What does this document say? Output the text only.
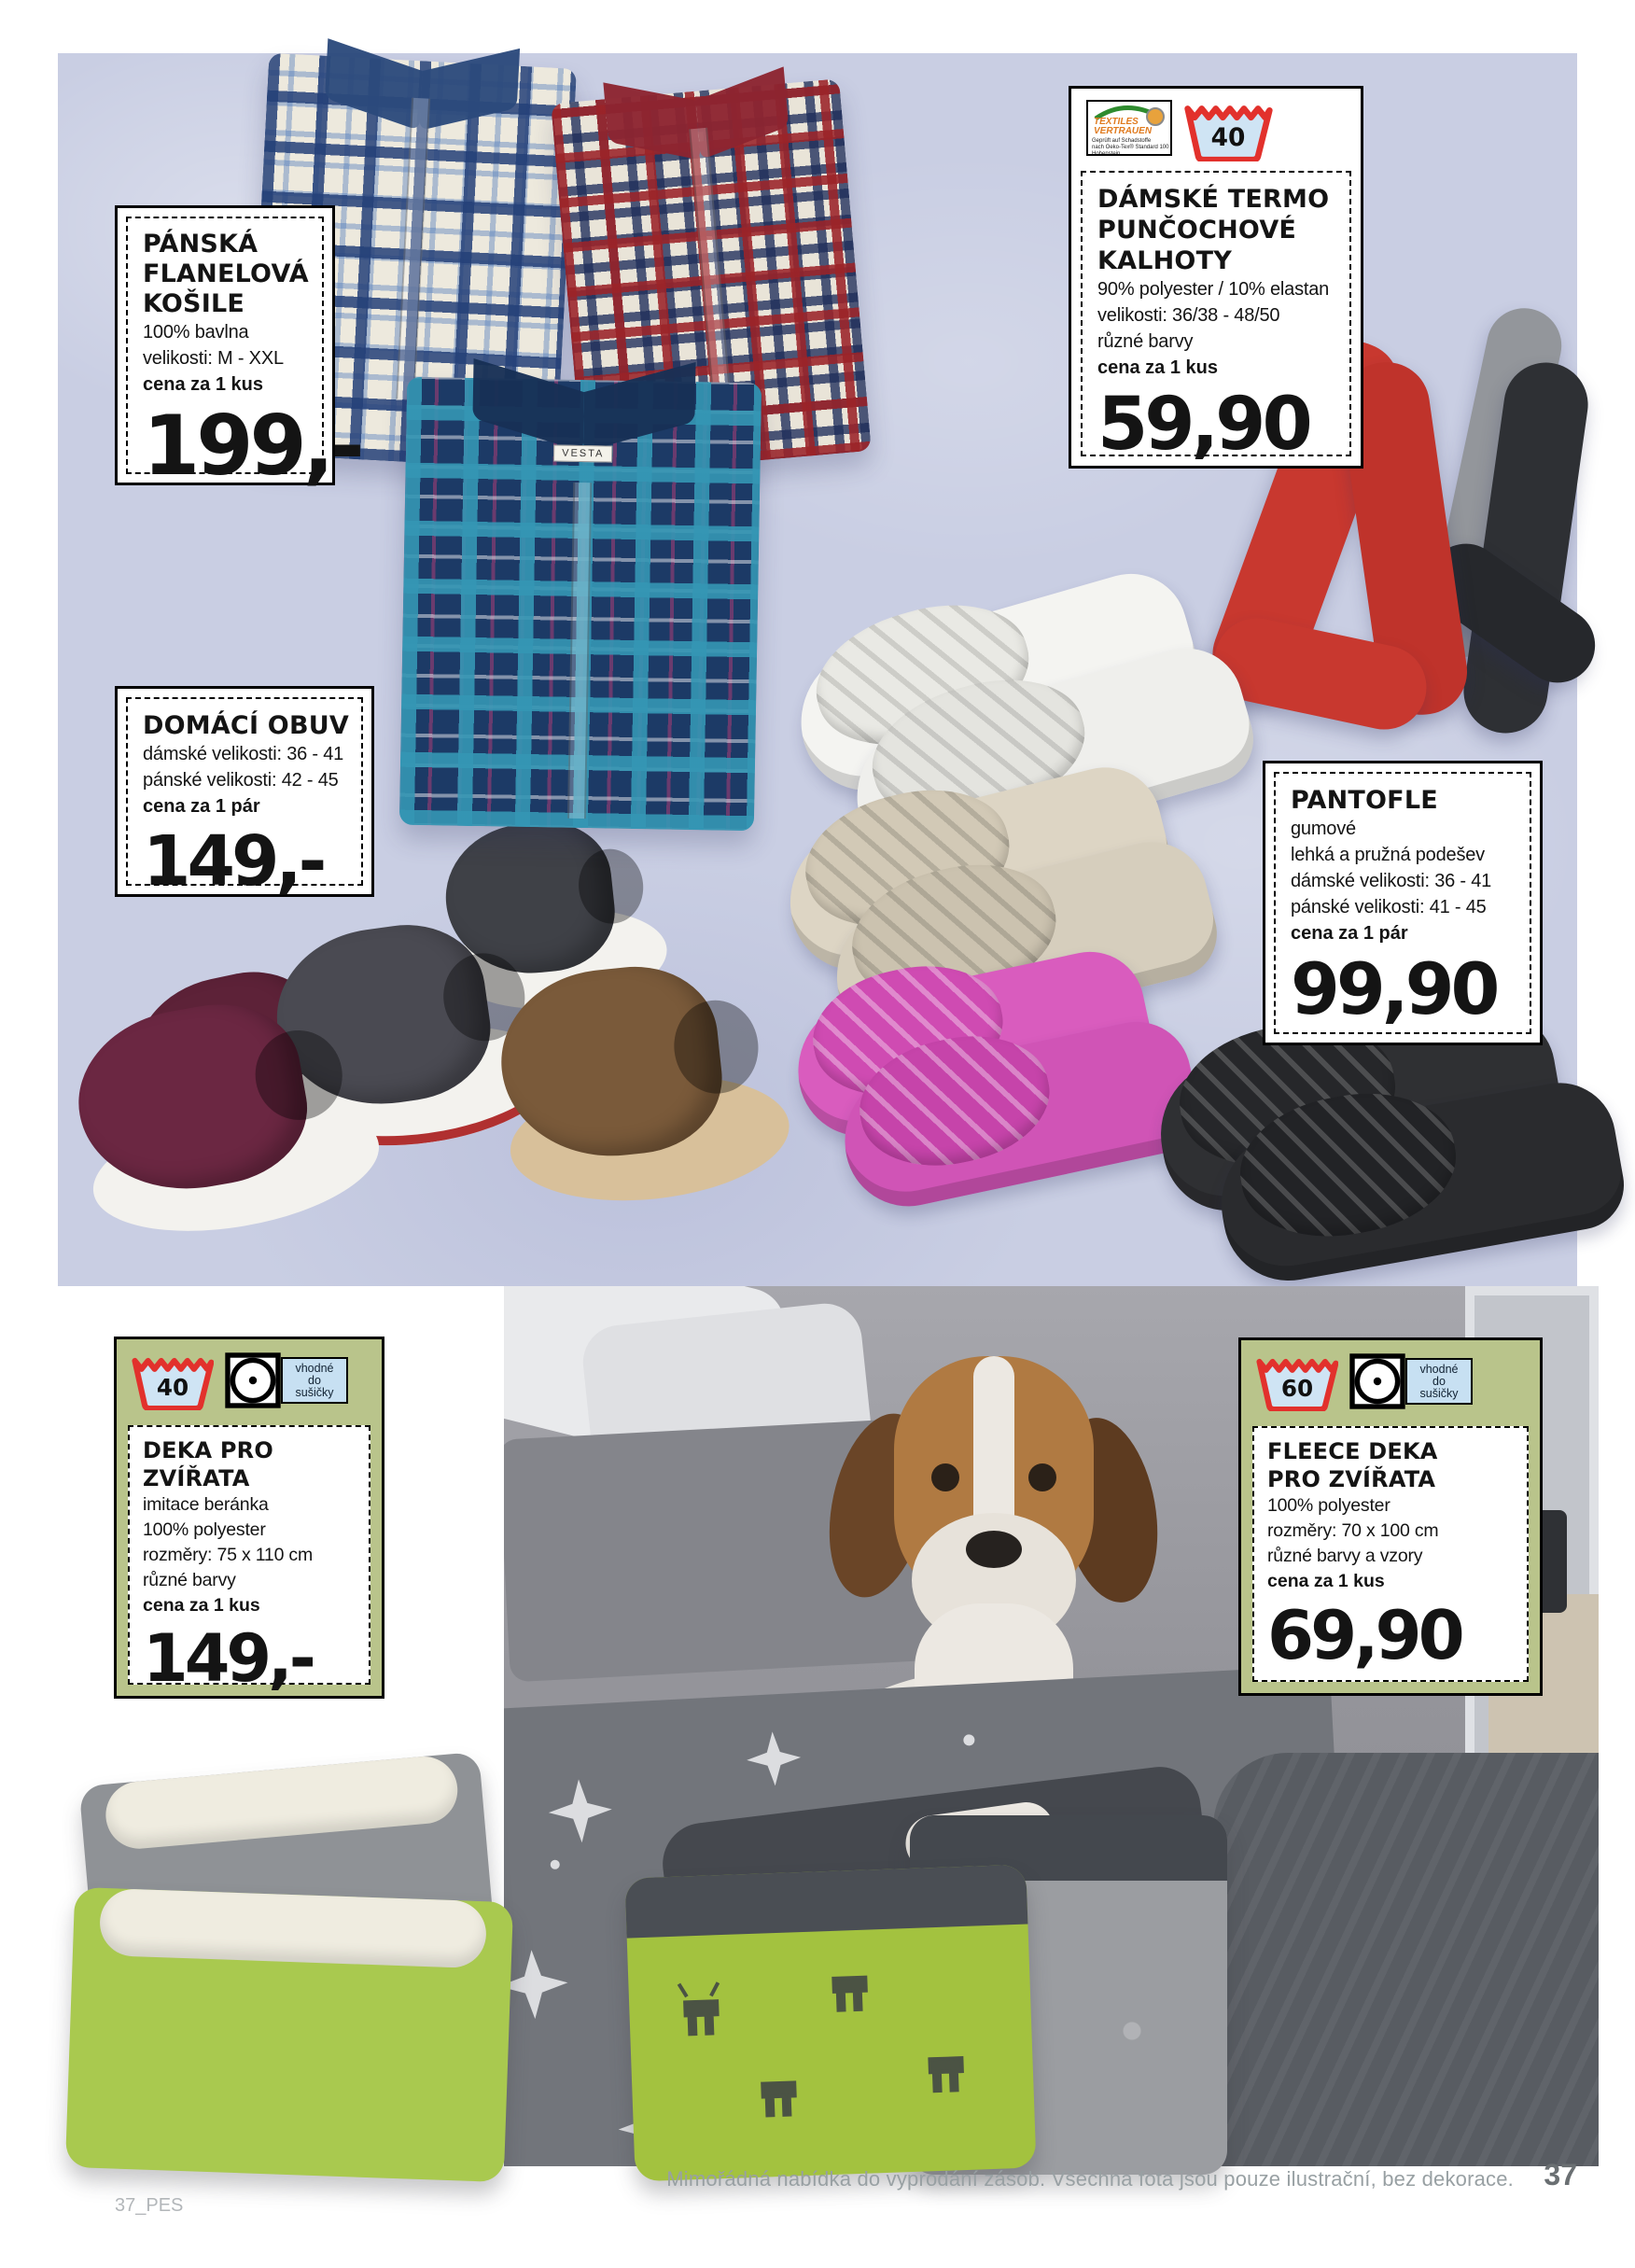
VESTA
PÁNSKÁ
FLANELOVÁ
KOŠILE
100% bavlna
velikosti: M - XXL
cena za 1 kus
199,-
TEXTILES
VERTRAUEN
Geprüft auf Schadstoffe
nach Oeko-Tex® Standard 100
Hohenstein
40
DÁMSKÉ TERMO
PUNČOCHOVÉ
KALHOTY
90% polyester / 10% elastan
velikosti: 36/38 - 48/50
různé barvy
cena za 1 kus
59,90
DOMÁCÍ OBUV
dámské velikosti: 36 - 41
pánské velikosti: 42 - 45
cena za 1 pár
149,-
PANTOFLE
gumové
lehká a pružná podešev
dámské velikosti: 36 - 41
pánské velikosti: 41 - 45
cena za 1 pár
99,90
40
vhodné
do
sušičky
DEKA PRO ZVÍŘATA
imitace beránka
100% polyester
rozměry: 75 x 110 cm
různé barvy
cena za 1 kus
149,-
60
vhodné
do
sušičky
FLEECE DEKA
PRO ZVÍŘATA
100% polyester
rozměry: 70 x 100 cm
různé barvy a vzory
cena za 1 kus
69,90
Mimořádná nabídka do vyprodání zásob. Všechna fota jsou pouze ilustrační, bez dekorace. 37
37_PES
